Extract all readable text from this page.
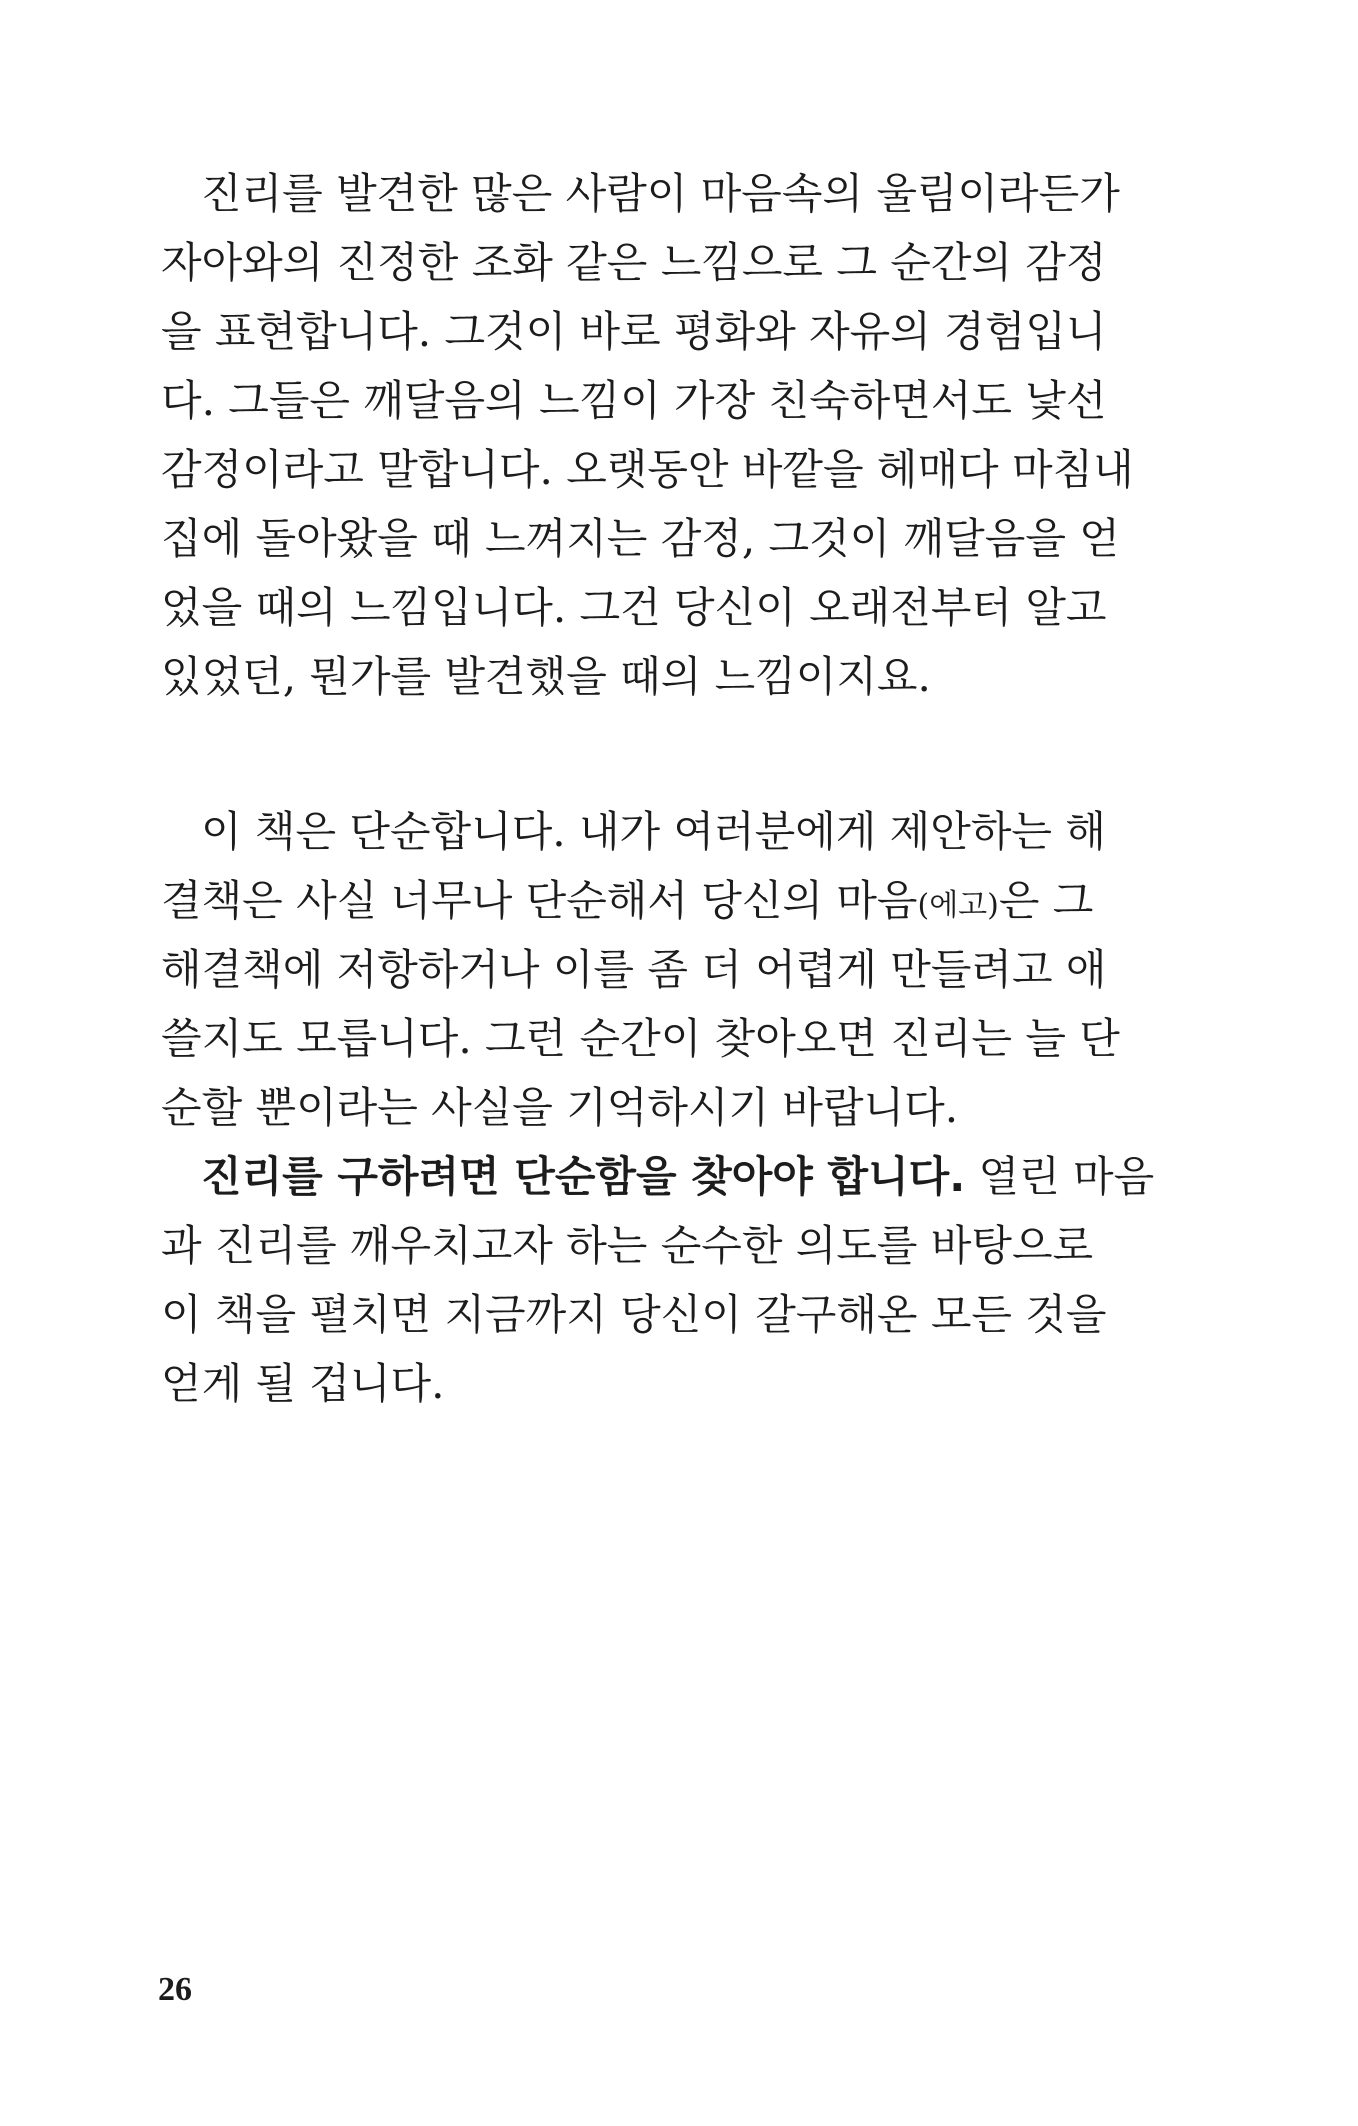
진리를 발견한 많은 사람이 마음속의 울림이라든가
자아와의 진정한 조화 같은 느낌으로 그 순간의 감정
을 표현합니다. 그것이 바로 평화와 자유의 경험입니
다. 그들은 깨달음의 느낌이 가장 친숙하면서도 낯선
감정이라고 말합니다. 오랫동안 바깥을 헤매다 마침내
집에 돌아왔을 때 느껴지는 감정, 그것이 깨달음을 얻
었을 때의 느낌입니다. 그건 당신이 오래전부터 알고
있었던, 뭔가를 발견했을 때의 느낌이지요.
이 책은 단순합니다. 내가 여러분에게 제안하는 해
결책은 사실 너무나 단순해서 당신의 마음(에고)은 그
해결책에 저항하거나 이를 좀 더 어렵게 만들려고 애
쓸지도 모릅니다. 그런 순간이 찾아오면 진리는 늘 단
순할 뿐이라는 사실을 기억하시기 바랍니다.
진리를 구하려면 단순함을 찾아야 합니다. 열린 마음
과 진리를 깨우치고자 하는 순수한 의도를 바탕으로
이 책을 펼치면 지금까지 당신이 갈구해온 모든 것을
얻게 될 겁니다.
26
